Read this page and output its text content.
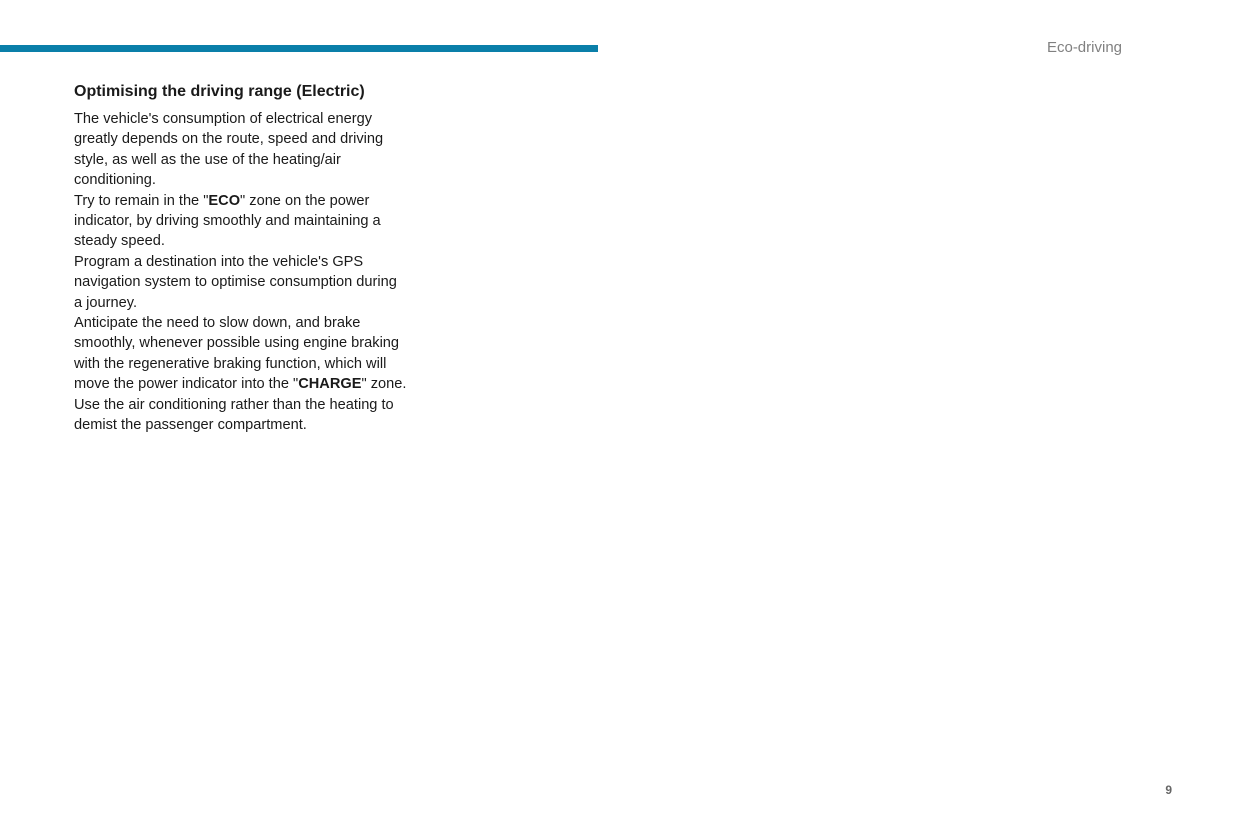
Eco-driving
Optimising the driving range (Electric)

The vehicle's consumption of electrical energy greatly depends on the route, speed and driving style, as well as the use of the heating/air conditioning.

Try to remain in the "ECO" zone on the power indicator, by driving smoothly and maintaining a steady speed.

Program a destination into the vehicle's GPS navigation system to optimise consumption during a journey.

Anticipate the need to slow down, and brake smoothly, whenever possible using engine braking with the regenerative braking function, which will move the power indicator into the "CHARGE" zone.

Use the air conditioning rather than the heating to demist the passenger compartment.

9
